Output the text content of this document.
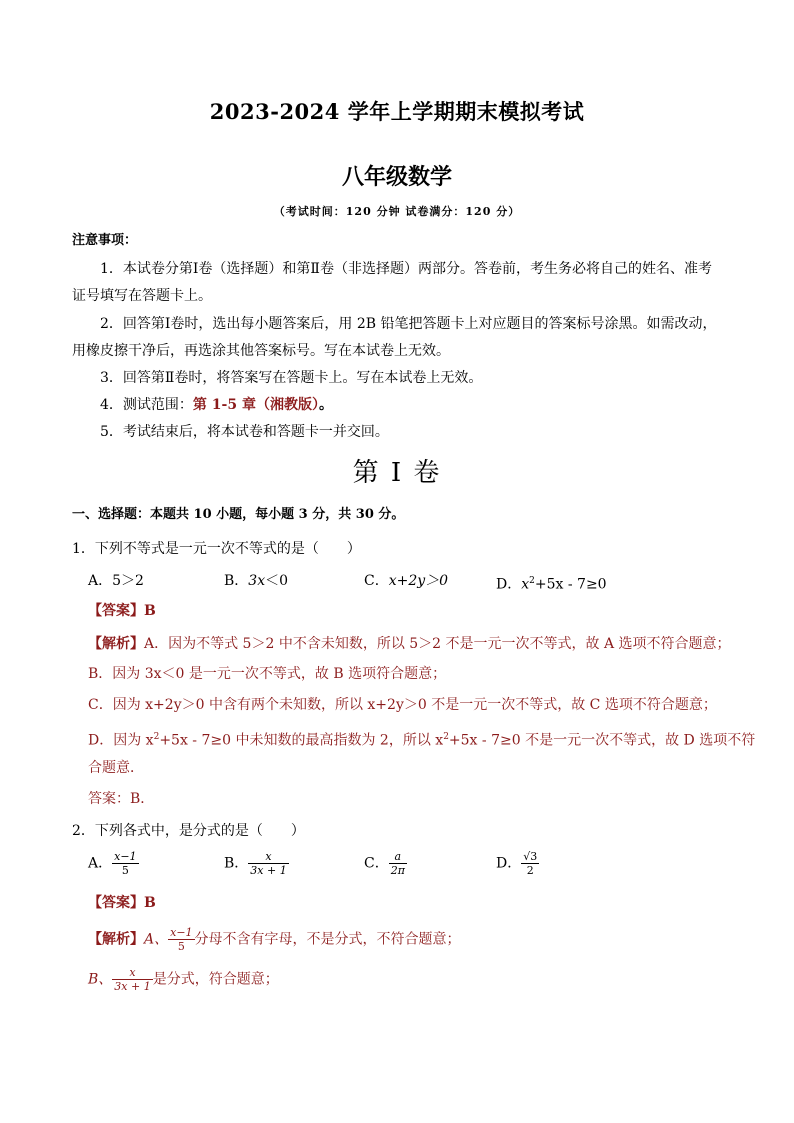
2023-2024 学年上学期期末模拟考试
八年级数学
（考试时间：120 分钟 试卷满分：120 分）
注意事项：
1．本试卷分第Ⅰ卷（选择题）和第Ⅱ卷（非选择题）两部分。答卷前，考生务必将自己的姓名、准考
证号填写在答题卡上。
2．回答第Ⅰ卷时，选出每小题答案后，用 2B 铅笔把答题卡上对应题目的答案标号涂黑。如需改动，
用橡皮擦干净后，再选涂其他答案标号。写在本试卷上无效。
3．回答第Ⅱ卷时，将答案写在答题卡上。写在本试卷上无效。
4．测试范围：第 1-5 章（湘教版）。
5．考试结束后，将本试卷和答题卡一并交回。
第 I 卷
一、选择题：本题共 10 小题，每小题 3 分，共 30 分。
1．下列不等式是一元一次不等式的是（　　）
A．5＞2	B．3x＜0	C．x+2y＞0	D．$x^2+5x - 7\ge 0$
【答案】B
【解析】A．因为不等式 5＞2 中不含未知数，所以 5＞2 不是一元一次不等式，故 A 选项不符合题意；
B．因为 3x＜0 是一元一次不等式，故 B 选项符合题意；
C．因为 x+2y＞0 中含有两个未知数，所以 x+2y＞0 不是一元一次不等式，故 C 选项不符合题意；
D．因为 $x^2+5x - 7\ge 0$ 中未知数的最高指数为 2，所以 $x^2+5x - 7\ge 0$ 不是一元一次不等式，故 D 选项不符
合题意．
答案：B．
2．下列各式中，是分式的是（　　）
A． $\frac{x-1}{5}$	B． $\frac{x}{3x + 1}$	C． $\frac{a}{2\pi}$	D． $\frac{√3}{2}$
【答案】B
【解析】A、 $\frac{x-1}{5}$ 分母不含有字母，不是分式，不符合题意；
B、 $\frac{x}{3x + 1}$ 是分式，符合题意；
